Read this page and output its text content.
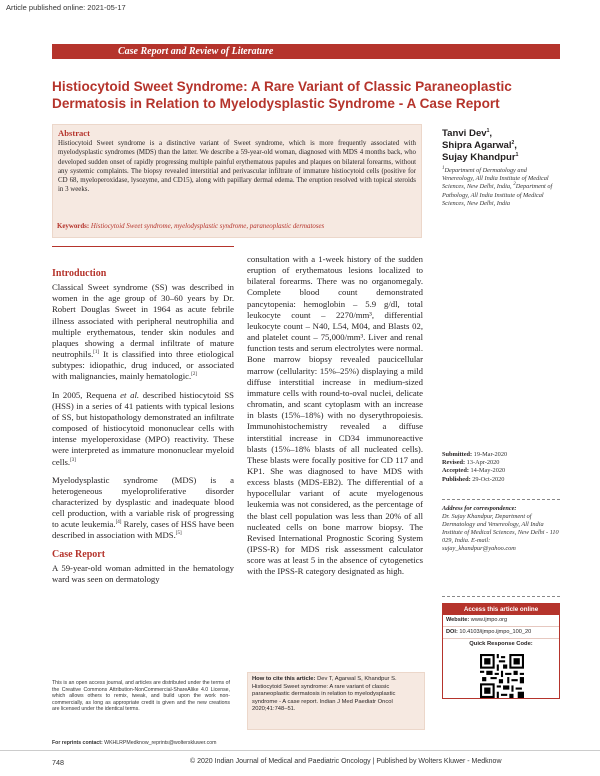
Article published online: 2021-05-17
Case Report and Review of Literature
Histiocytoid Sweet Syndrome: A Rare Variant of Classic Paraneoplastic Dermatosis in Relation to Myelodysplastic Syndrome - A Case Report
Abstract
Histiocytoid Sweet syndrome is a distinctive variant of Sweet syndrome, which is more frequently associated with myelodysplastic syndromes (MDS) than the latter. We describe a 59-year-old woman, diagnosed with MDS 4 months back, who developed sudden onset of rapidly progressing multiple painful erythematous papules and plaques on bilateral forearms, without any systemic complaints. The biopsy revealed interstitial and perivascular infiltrate of immature histiocytoid cells (positive for CD 68, myeloperoxidase, lysozyme, and CD15), along with papillary dermal edema. The eruption resolved with topical steroids in 3 weeks.
Keywords: Histiocytoid Sweet syndrome, myelodysplastic syndrome, paraneoplastic dermatoses
Tanvi Dev$^1$,
Shipra Agarwal$^2$,
Sujay Khandpur$^1$
$^1$Department of Dermatology and Venereology, All India Institute of Medical Sciences, New Delhi, India, $^2$Department of Pathology, All India Institute of Medical Sciences, New Delhi, India
Introduction

Classical Sweet syndrome (SS) was described in women in the age group of 30–60 years by Dr. Robert Douglas Sweet in 1964 as acute febrile illness associated with peripheral neutrophilia and multiple erythematous, tender skin nodules and plaques showing a dermal infiltrate of mature neutrophils.[1] It is classified into three etiological subtypes: idiopathic, drug induced, or associated with malignancies, mainly hematologic.[2]

In 2005, Requena et al. described histiocytoid SS (HSS) in a series of 41 patients with typical lesions of SS, but histopathology demonstrated an infiltrate composed of histiocytoid mononuclear cells with intense myeloperoxidase (MPO) reactivity. These were interpreted as immature mononuclear myeloid cells.[3]

Myelodysplastic syndrome (MDS) is a heterogeneous myeloproliferative disorder characterized by dysplastic and inadequate blood cell production, with a variable risk of progressing to acute leukemia.[4] Rarely, cases of HSS have been described in association with MDS.[5]

Case Report

A 59-year-old woman admitted in the hematology ward was seen on dermatology

consultation with a 1-week history of the sudden eruption of erythematous lesions localized to bilateral forearms. There was no organomegaly. Complete blood count demonstrated pancytopenia: hemoglobin – 5.9 g/dl, total leukocyte count – 2270/mm³, differential leukocyte count – N40, L54, M04, and Blasts 02, and platelet count – 75,000/mm³. Liver and renal function tests and serum electrolytes were normal. Bone marrow biopsy revealed paucicellular marrow (cellularity: 15%–25%) displaying a mild diffuse interstitial increase in medium-sized immature cells with round-to-oval nuclei, delicate chromatin, and scant cytoplasm with an increase in blasts (15%–18%) with no dyserythropoiesis. Immunohistochemistry revealed a diffuse interstitial increase in CD34 immunoreactive blasts (15%–18% blasts of all nucleated cells). These blasts were focally positive for CD 117 and KP1. She was diagnosed to have MDS with excess blasts (MDS-EB2). The differential of a hypocellular variant of acute myelogenous leukemia was not considered, as the percentage of the blast cell population was less than 20% of all nucleated cells on bone marrow biopsy. The Revised International Prognostic Scoring System (IPSS-R) for MDS risk assessment calculator score was at least 5 in the absence of cytogenetics with the IPSS-R category designated as high.

Submitted: 19-Mar-2020
Revised: 13-Apr-2020
Accepted: 14-May-2020
Published: 29-Oct-2020
Address for correspondence:
Dr. Sujay Khandpur, Department of Dermatology and Venereology, All India Institute of Medical Sciences, New Delhi - 110 029, India. E-mail: sujay_khandpur@yahoo.com
Access this article online
Website: www.ijmpo.org
DOI: 10.4103/ijmpo.ijmpo_100_20
Quick Response Code:
This is an open access journal, and articles are distributed under the terms of the Creative Commons Attribution-NonCommercial-ShareAlike 4.0 License, which allows others to remix, tweak, and build upon the work non-commercially, as long as appropriate credit is given and the new creations are licensed under the identical terms.
How to cite this article: Dev T, Agarwal S, Khandpur S. Histiocytoid Sweet syndrome: A rare variant of classic paraneoplastic dermatosis in relation to myelodysplastic syndrome - A case report. Indian J Med Paediatr Oncol 2020;41:748–51.
For reprints contact: WKHLRPMedknow_reprints@wolterskluwer.com
748	© 2020 Indian Journal of Medical and Paediatric Oncology | Published by Wolters Kluwer - Medknow
